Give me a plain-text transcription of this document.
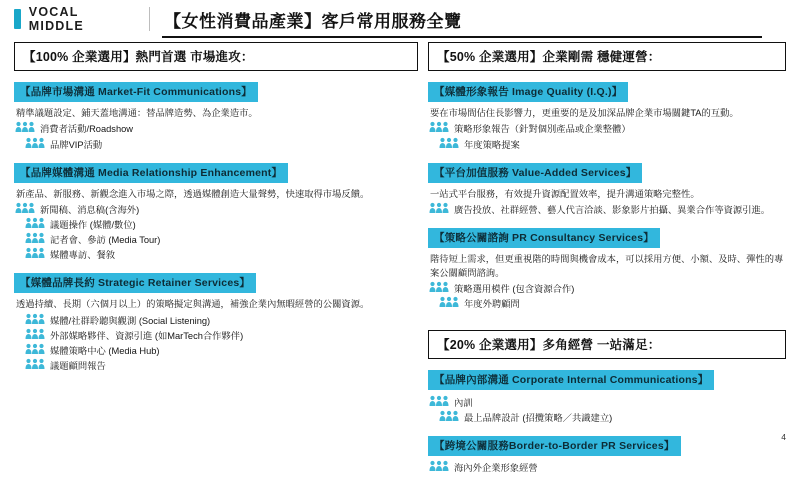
VOCAL MIDDLE	【女性消費品產業】客戶常用服務全覽
【100% 企業選用】熱門首選 市場進攻：
【品牌市場溝通 Market-Fit Communications】
精準議題設定、鋪天蓋地溝通：替品牌造勢、為企業造市。
消費者活動/Roadshow
品牌VIP活動
【品牌媒體溝通 Media Relationship Enhancement】
新產品、新服務、新觀念進入市場之際，透過媒體創造大量聲勢，快速取得市場反饋。
新聞稿、消息稿(含海外)
議題操作 (媒體/數位)
記者會、參訪 (Media Tour)
媒體專訪、餐敘
【媒體品牌長約 Strategic Retainer Services】
透過持續、長期（六個月以上）的策略擬定與溝通，補強企業內無暇經營的公關資源。
媒體/社群聆聽與觀測 (Social Listening)
外部媒略夥伴、資源引進 (如MarTech合作夥伴)
媒體策略中心 (Media Hub)
議題顧問報告
【50% 企業選用】企業剛需 穩健運營：
【媒體形象報告 Image Quality (I.Q.)】
要在市場間佔住長影響力，更重要的是及加深品牌企業市場關鍵TA的互動。
策略形象報告（針對個別產品或企業整體）
年度策略提案
【平台加值服務 Value-Added Services】
一站式平台服務，有效提升資源配置效率，提升溝通策略完整性。
廣告投放、社群經營、藝人代言洽談、影象影片拍攝、異業合作等資源引進。
【策略公關諮詢 PR Consultancy Services】
階待短上需求，但更重視階的時間與機會成本，可以採用方便、小額、及時、彈性的專案公關顧問諮詢。
策略選用模件 (包含資源合作)
年度外聘顧問
【20% 企業選用】多角經營 一站滿足：
【品牌內部溝通 Corporate Internal Communications】
內訓
最上品牌設計 (招攬策略／共識建立)
【跨境公關服務Border-to-Border PR Services】
海內外企業形象經營
4
